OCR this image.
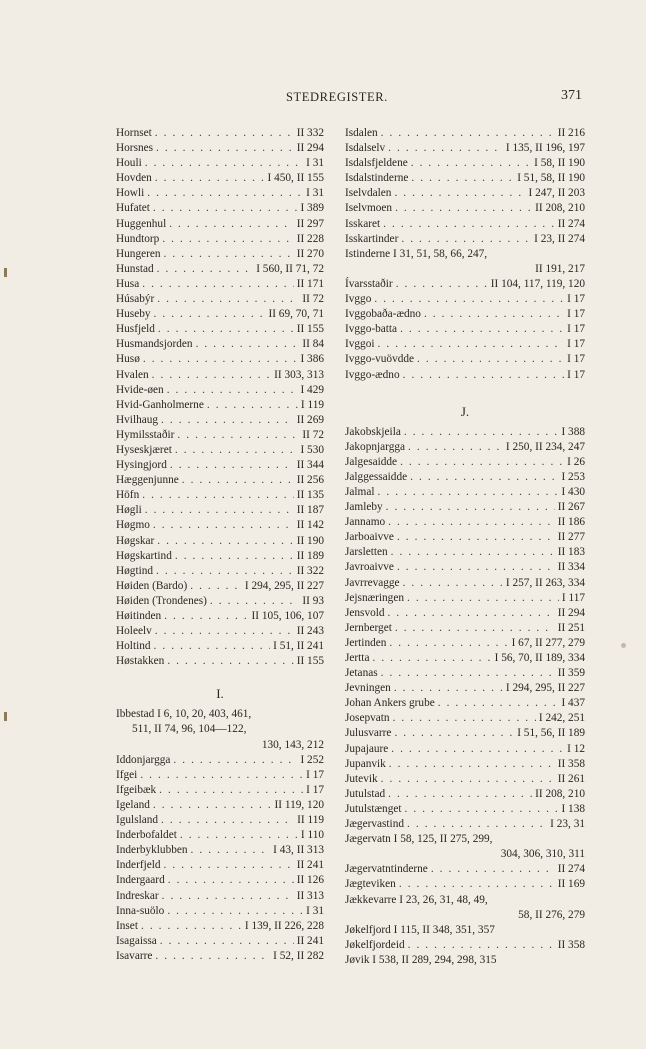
STEDREGISTER.	371
Hornset . . .	II 332
Horsnes . . .	II 294
Houli . . .	I 31
Hovden . . .	I 450, II 155
Howli . . .	I 31
Hufatet . . .	I 389
Huggenhul . . .	II 297
Hundtorp . . .	II 228
Hungeren . . .	II 270
Hunstad . . .	I 560, II 71, 72
Husa . . .	II 171
Húsabýr . . .	II 72
Huseby . . .	II 69, 70, 71
Husfjeld . . .	II 155
Husmandsjorden . . .	II 84
Husø . . .	I 386
Hvalen . . .	II 303, 313
Hvide-øen . . .	I 429
Hvid-Ganholmerne . . .	I 119
Hvilhaug . . .	II 269
Hymilsstaðir . . .	II 72
Hyseskjæret . . .	I 530
Hysingjord . . .	II 344
Hæggenjunne . . .	II 256
Höfn . . .	II 135
Høgli . . .	II 187
Høgmo . . .	II 142
Høgskar . . .	II 190
Høgskartind . . .	II 189
Høgtind . . .	II 322
Høiden (Bardo) . . .	I 294, 295, II 227
Høiden (Trondenes) . . .	II 93
Høitinden . . .	II 105, 106, 107
Holeelv . . .	II 243
Holtind . . .	I 51, II 241
Høstakken . . .	II 155
I.
Ibbestad I 6, 10, 20, 403, 461,
511, II 74, 96, 104—122,
130, 143, 212
Iddonjargga . . .	I 252
Ifgei . . .	I 17
Ifgeibæk . . .	I 17
Igeland . . .	II 119, 120
Igulsland . . .	II 119
Inderbofaldet . . .	I 110
Inderbyklubben . . .	I 43, II 313
Inderfjeld . . .	II 241
Indergaard . . .	II 126
Indreskar . . .	II 313
Inna-suölo . . .	I 31
Inset . . .	I 139, II 226, 228
Isagaissa . . .	II 241
Isavarre . . .	I 52, II 282
Isdalen . . .	II 216
Isdalselv . . .	I 135, II 196, 197
Isdalsfjeldene . . .	I 58, II 190
Isdalstinderne . . .	I 51, 58, II 190
Iselvdalen . . .	I 247, II 203
Iselvmoen . . .	II 208, 210
Isskaret . . .	II 274
Isskartinder . . .	I 23, II 274
Istinderne I 31, 51, 58, 66, 247,
II 191, 217
Ívarsstaðir . . .	II 104, 117, 119, 120
Ivggo . . .	I 17
Ivggobaða-ædno . . .	I 17
Ivggo-batta . . .	I 17
Ivggoi . . .	I 17
Ivggo-vuövdde . . .	I 17
Ivggo-ædno . . .	I 17
J.
Jakobskjeila . . .	I 388
Jakopnjargga . . .	I 250, II 234, 247
Jalgesaidde . . .	I 26
Jalggessaidde . . .	I 253
Jalmal . . .	I 430
Jamleby . . .	II 267
Jannamo . . .	II 186
Jarboaivve . . .	II 277
Jarsletten . . .	II 183
Javroaivve . . .	II 334
Javrrevagge . . .	I 257, II 263, 334
Jejsnæringen . . .	I 117
Jensvold . . .	II 294
Jernberget . . .	II 251
Jertinden . . .	I 67, II 277, 279
Jertta . . .	I 56, 70, II 189, 334
Jetanas . . .	II 359
Jevningen . . .	I 294, 295, II 227
Johan Ankers grube . . .	I 437
Josepvatn . . .	I 242, 251
Julusvarre . . .	I 51, 56, II 189
Jupajaure . . .	I 12
Jupanvik . . .	II 358
Jutevik . . .	II 261
Jutulstad . . .	II 208, 210
Jutulstænget . . .	I 138
Jægervastind . . .	I 23, 31
Jægervatn I 58, 125, II 275, 299,
304, 306, 310, 311
Jægervatntinderne . . .	II 274
Jægteviken . . .	II 169
Jækkevarre I 23, 26, 31, 48, 49,
58, II 276, 279
Jøkelfjord I 115, II 348, 351, 357
Jøkelfjordeid . . .	II 358
Jøvik I 538, II 289, 294, 298, 315
